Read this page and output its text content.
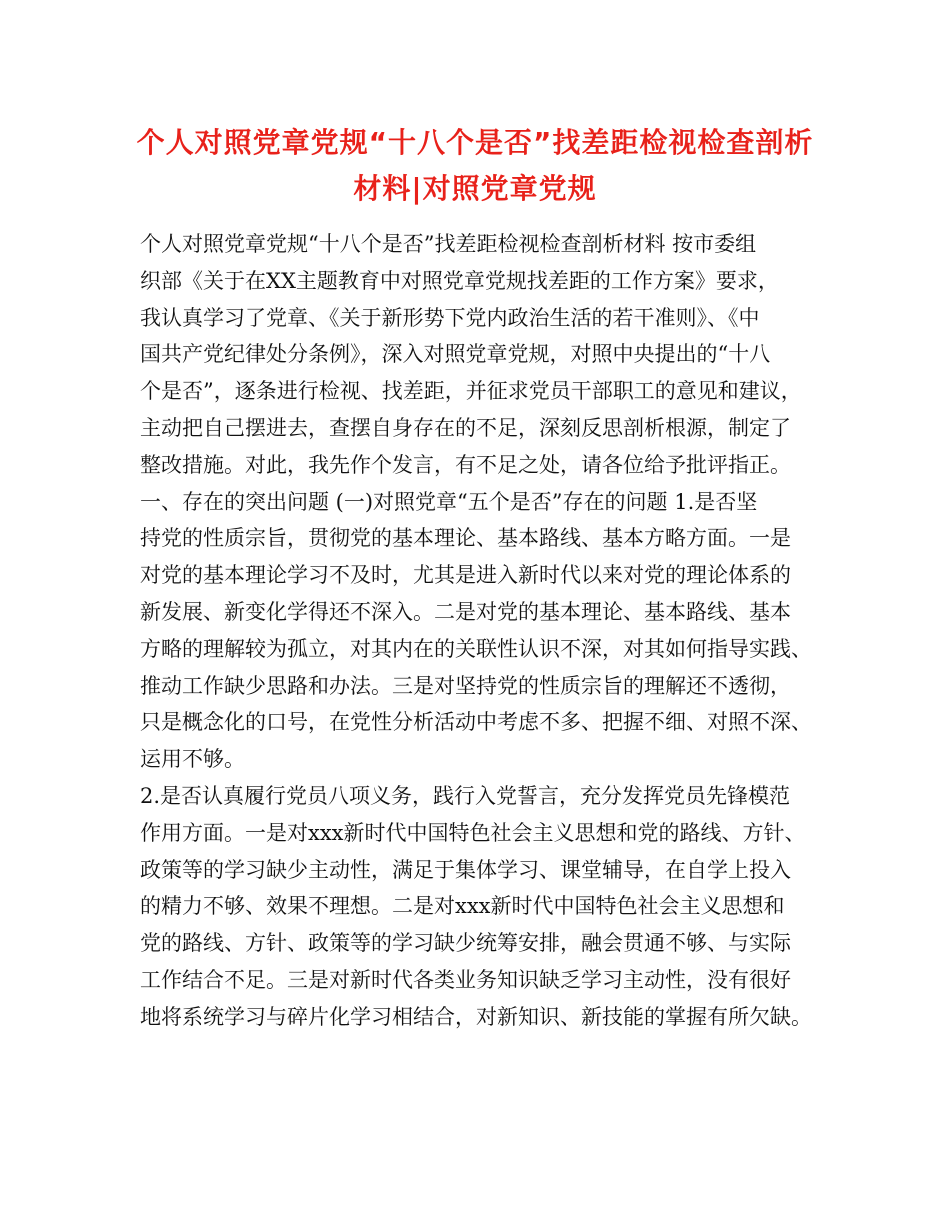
个人对照党章党规“十八个是否”找差距检视检查剖析
材料|对照党章党规
个人对照党章党规“十八个是否”找差距检视检查剖析材料 按市委组
织部《关于在XX主题教育中对照党章党规找差距的工作方案》要求，
我认真学习了党章、《关于新形势下党内政治生活的若干准则》、《中
国共产党纪律处分条例》，深入对照党章党规，对照中央提出的“十八
个是否”，逐条进行检视、找差距，并征求党员干部职工的意见和建议，
主动把自己摆进去，查摆自身存在的不足，深刻反思剖析根源，制定了
整改措施。对此，我先作个发言，有不足之处，请各位给予批评指正。
一、存在的突出问题 (一)对照党章“五个是否”存在的问题 1.是否坚
持党的性质宗旨，贯彻党的基本理论、基本路线、基本方略方面。一是
对党的基本理论学习不及时，尤其是进入新时代以来对党的理论体系的
新发展、新变化学得还不深入。二是对党的基本理论、基本路线、基本
方略的理解较为孤立，对其内在的关联性认识不深，对其如何指导实践、
推动工作缺少思路和办法。三是对坚持党的性质宗旨的理解还不透彻，
只是概念化的口号，在党性分析活动中考虑不多、把握不细、对照不深、
运用不够。
2.是否认真履行党员八项义务，践行入党誓言，充分发挥党员先锋模范
作用方面。一是对xxx新时代中国特色社会主义思想和党的路线、方针、
政策等的学习缺少主动性，满足于集体学习、课堂辅导，在自学上投入
的精力不够、效果不理想。二是对xxx新时代中国特色社会主义思想和
党的路线、方针、政策等的学习缺少统筹安排，融会贯通不够、与实际
工作结合不足。三是对新时代各类业务知识缺乏学习主动性，没有很好
地将系统学习与碎片化学习相结合，对新知识、新技能的掌握有所欠缺。
